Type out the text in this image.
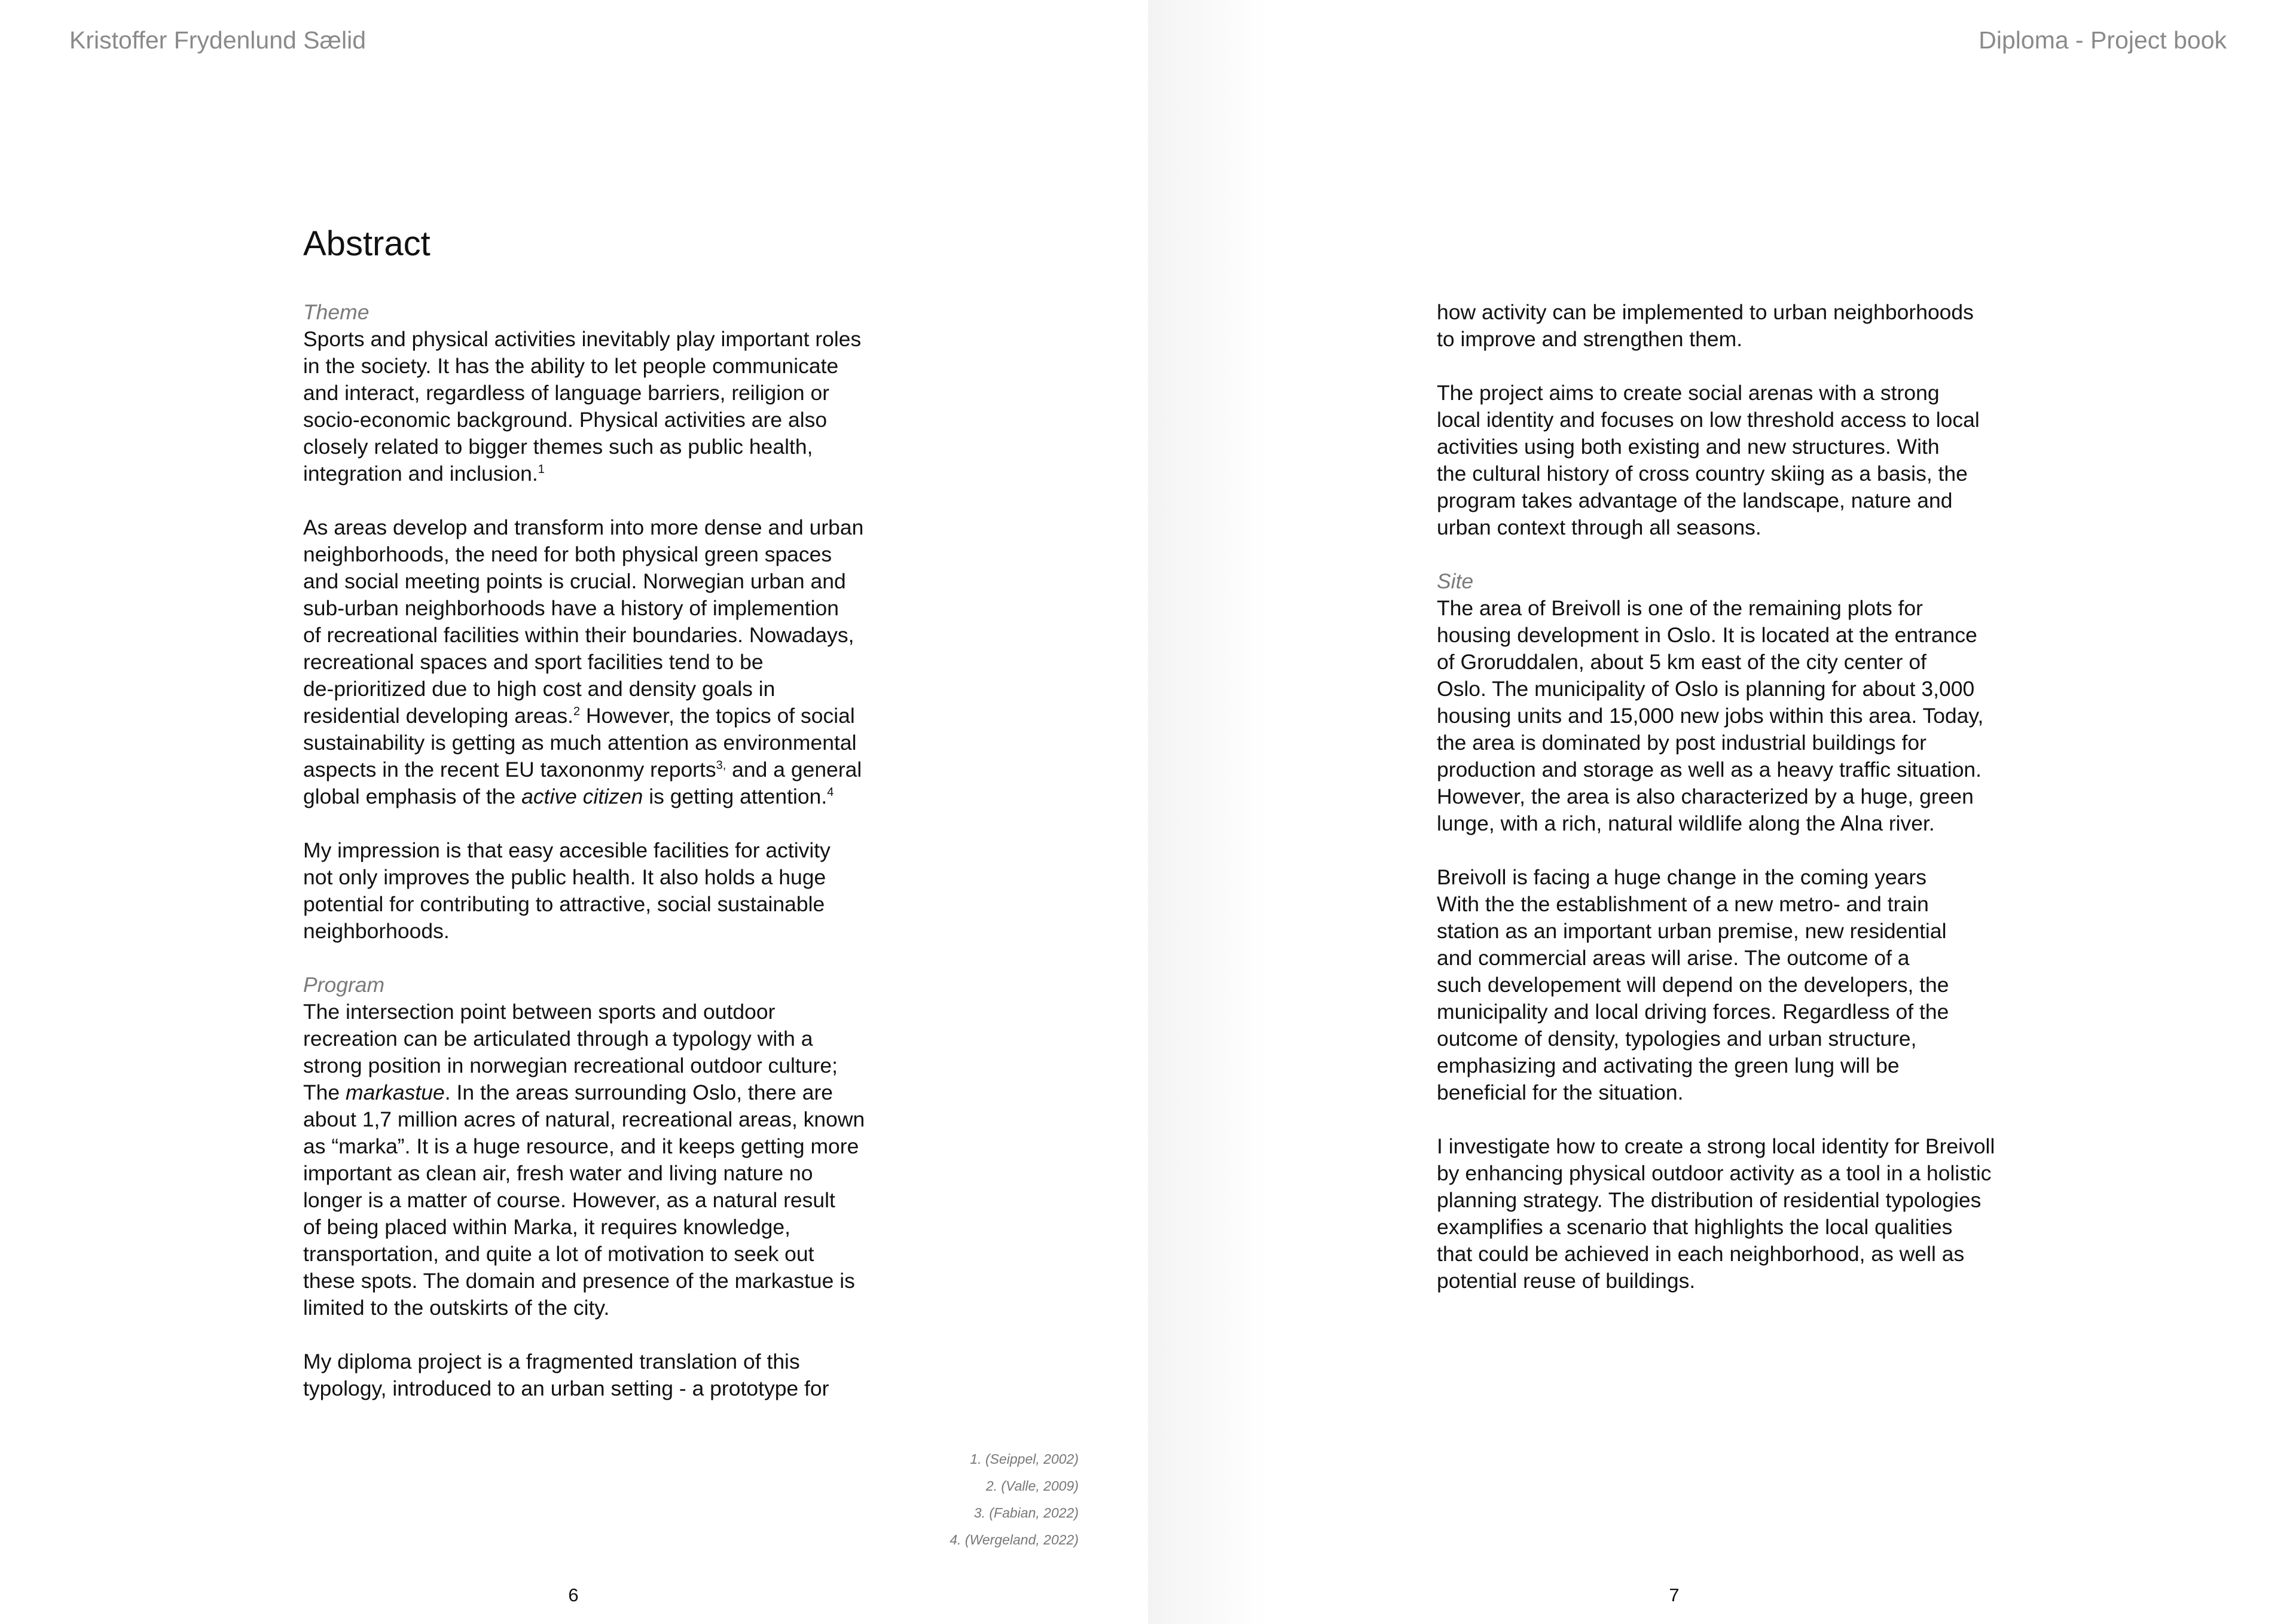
Kristoffer Frydenlund Sælid
Abstract
Theme
Sports and physical activities inevitably play important roles
in the society. It has the ability to let people communicate
and interact, regardless of language barriers, reiligion or
socio-economic background. Physical activities are also
closely related to bigger themes such as public health,
integration and inclusion.$^1$
As areas develop and transform into more dense and urban
neighborhoods, the need for both physical green spaces
and social meeting points is crucial. Norwegian urban and
sub-urban neighborhoods have a history of implemention
of recreational facilities within their boundaries. Nowadays,
recreational spaces and sport facilities tend to be
de-prioritized due to high cost and density goals in
residential developing areas.$^2$ However, the topics of social
sustainability is getting as much attention as environmental
aspects in the recent EU taxononmy reports$^{3,}$ and a general
global emphasis of the active citizen is getting attention.$^4$
My impression is that easy accesible facilities for activity
not only improves the public health. It also holds a huge
potential for contributing to attractive, social sustainable
neighborhoods.
Program
The intersection point between sports and outdoor
recreation can be articulated through a typology with a
strong position in norwegian recreational outdoor culture;
The markastue. In the areas surrounding Oslo, there are
about 1,7 million acres of natural, recreational areas, known
as “marka”. It is a huge resource, and it keeps getting more
important as clean air, fresh water and living nature no
longer is a matter of course. However, as a natural result
of being placed within Marka, it requires knowledge,
transportation, and quite a lot of motivation to seek out
these spots. The domain and presence of the markastue is
limited to the outskirts of the city.
My diploma project is a fragmented translation of this
typology, introduced to an urban setting - a prototype for
1. (Seippel, 2002)
2. (Valle, 2009)
3. (Fabian, 2022)
4. (Wergeland, 2022)
6
Diploma - Project book
how activity can be implemented to urban neighborhoods
to improve and strengthen them.
The project aims to create social arenas with a strong
local identity and focuses on low threshold access to local
activities using both existing and new structures. With
the cultural history of cross country skiing as a basis, the
program takes advantage of the landscape, nature and
urban context through all seasons.
Site
The area of Breivoll is one of the remaining plots for
housing development in Oslo. It is located at the entrance
of Groruddalen, about 5 km east of the city center of
Oslo. The municipality of Oslo is planning for about 3,000
housing units and 15,000 new jobs within this area. Today,
the area is dominated by post industrial buildings for
production and storage as well as a heavy traffic situation.
However, the area is also characterized by a huge, green
lunge, with a rich, natural wildlife along the Alna river.
Breivoll is facing a huge change in the coming years
With the the establishment of a new metro- and train
station as an important urban premise, new residential
and commercial areas will arise. The outcome of a
such developement will depend on the developers, the
municipality and local driving forces. Regardless of the
outcome of density, typologies and urban structure,
emphasizing and activating the green lung will be
beneficial for the situation.
I investigate how to create a strong local identity for Breivoll
by enhancing physical outdoor activity as a tool in a holistic
planning strategy. The distribution of residential typologies
examplifies a scenario that highlights the local qualities
that could be achieved in each neighborhood, as well as
potential reuse of buildings.
7
